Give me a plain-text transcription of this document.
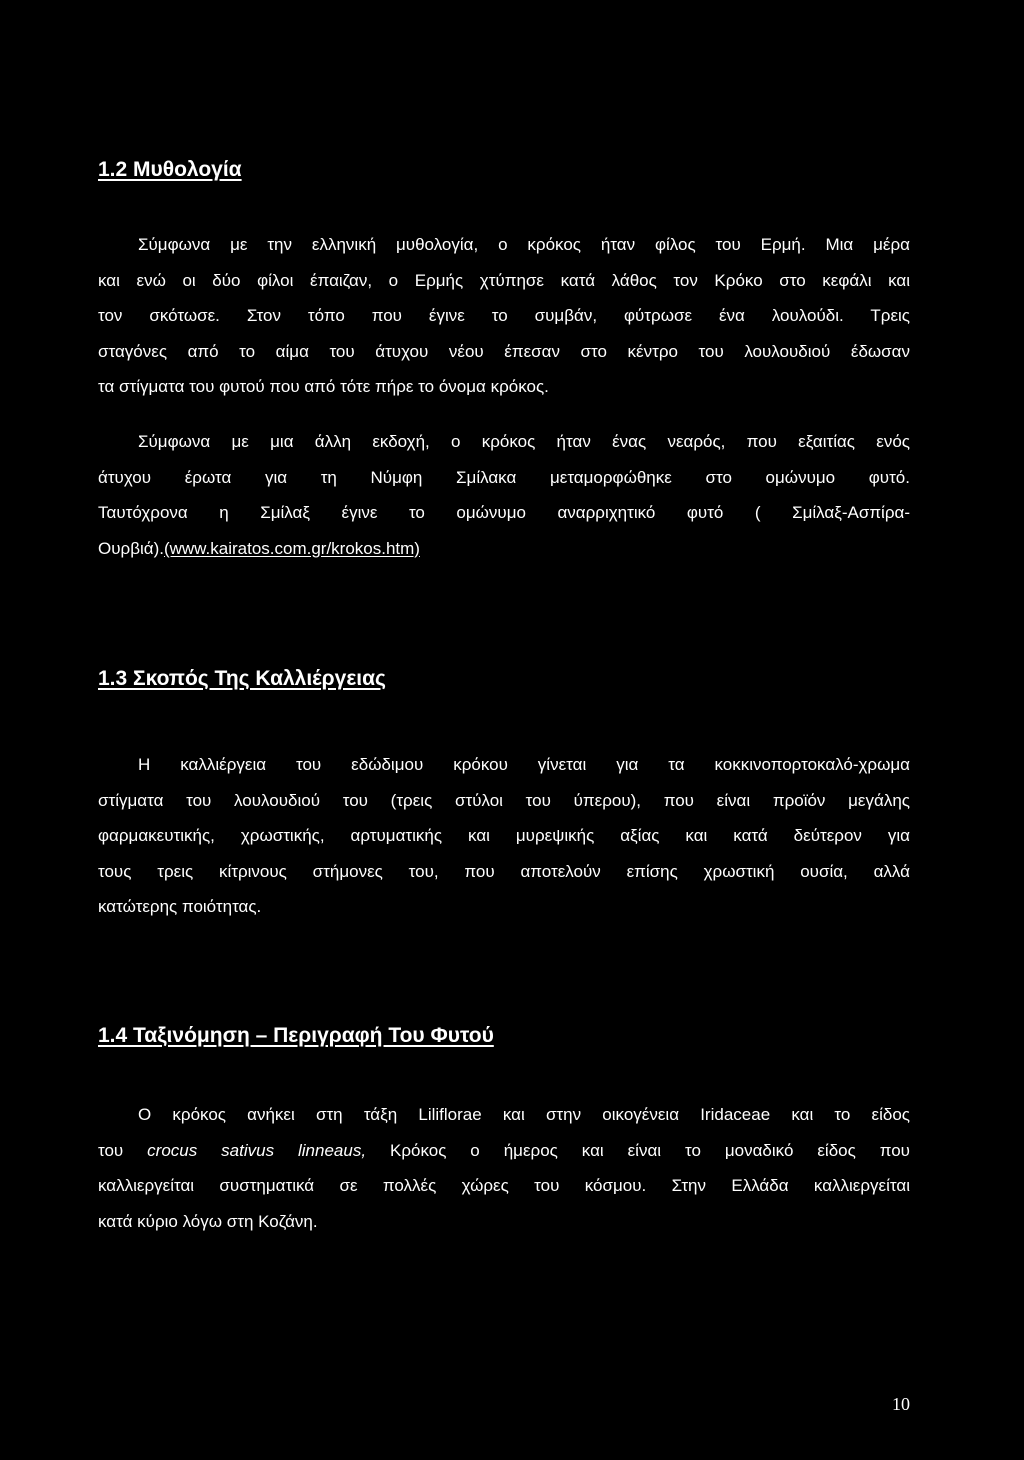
1.2 Μυθολογία
Σύμφωνα με την ελληνική μυθολογία, ο κρόκος ήταν φίλος του Ερμή. Μια μέρα
και ενώ οι δύο φίλοι έπαιζαν, ο Ερμής χτύπησε κατά λάθος τον Κρόκο στο κεφάλι και
τον σκότωσε. Στον τόπο που έγινε το συμβάν, φύτρωσε ένα λουλούδι. Τρεις
σταγόνες από το αίμα του άτυχου νέου έπεσαν στο κέντρο του λουλουδιού έδωσαν
τα στίγματα του φυτού που από τότε πήρε το όνομα κρόκος.
Σύμφωνα με μια άλλη εκδοχή, ο κρόκος ήταν ένας νεαρός, που εξαιτίας ενός
άτυχου έρωτα για τη Νύμφη Σμίλακα μεταμορφώθηκε στο ομώνυμο φυτό.
Ταυτόχρονα η Σμίλαξ έγινε το ομώνυμο αναρριχητικό φυτό ( Σμίλαξ-Ασπίρα-
Ουρβιά).(www.kairatos.com.gr/krokos.htm)
1.3 Σκοπός Της Καλλιέργειας
Η καλλιέργεια του εδώδιμου κρόκου γίνεται για τα κοκκινοπορτοκαλό-χρωμα
στίγματα του λουλουδιού του (τρεις στύλοι του ύπερου), που είναι προϊόν μεγάλης
φαρμακευτικής, χρωστικής, αρτυματικής και μυρεψικής αξίας και κατά δεύτερον για
τους τρεις κίτρινους στήμονες του, που αποτελούν επίσης χρωστική ουσία, αλλά
κατώτερης ποιότητας.
1.4 Ταξινόμηση – Περιγραφή Του Φυτού
Ο κρόκος ανήκει στη τάξη Liliflorae και στην οικογένεια Iridaceae και το είδος
του crocus sativus linneaus, Κρόκος ο ήμερος και είναι το μοναδικό είδος που
καλλιεργείται συστηματικά σε πολλές χώρες του κόσμου. Στην Ελλάδα καλλιεργείται
κατά κύριο λόγω στη Κοζάνη.
10
